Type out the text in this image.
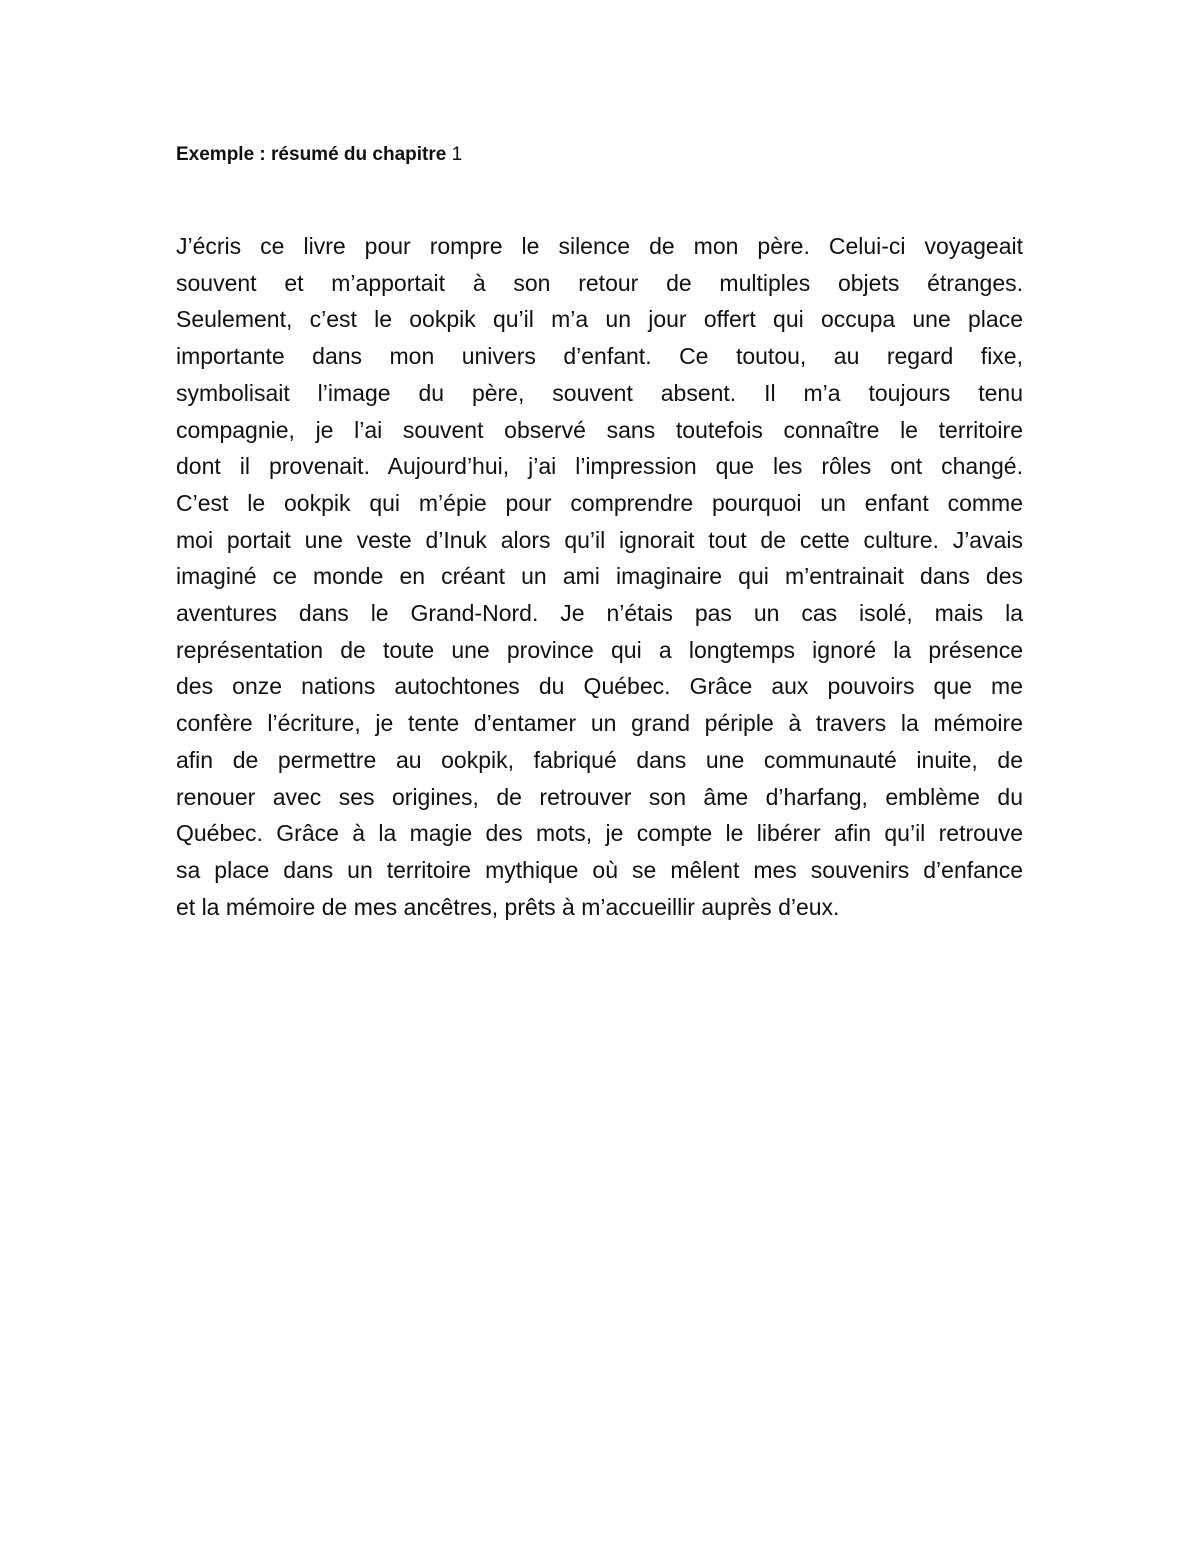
Exemple : résumé du chapitre 1

J’écris ce livre pour rompre le silence de mon père. Celui-ci voyageait
souvent et m’apportait à son retour de multiples objets étranges.
Seulement, c’est le ookpik qu’il m’a un jour offert qui occupa une place
importante dans mon univers d’enfant. Ce toutou, au regard fixe,
symbolisait l’image du père, souvent absent. Il m’a toujours tenu
compagnie, je l’ai souvent observé sans toutefois connaître le territoire
dont il provenait. Aujourd’hui, j’ai l’impression que les rôles ont changé.
C’est le ookpik qui m’épie pour comprendre pourquoi un enfant comme
moi portait une veste d’Inuk alors qu’il ignorait tout de cette culture. J’avais
imaginé ce monde en créant un ami imaginaire qui m’entrainait dans des
aventures dans le Grand-Nord. Je n’étais pas un cas isolé, mais la
représentation de toute une province qui a longtemps ignoré la présence
des onze nations autochtones du Québec. Grâce aux pouvoirs que me
confère l’écriture, je tente d’entamer un grand périple à travers la mémoire
afin de permettre au ookpik, fabriqué dans une communauté inuite, de
renouer avec ses origines, de retrouver son âme d’harfang, emblème du
Québec. Grâce à la magie des mots, je compte le libérer afin qu’il retrouve
sa place dans un territoire mythique où se mêlent mes souvenirs d’enfance
et la mémoire de mes ancêtres, prêts à m’accueillir auprès d’eux.
